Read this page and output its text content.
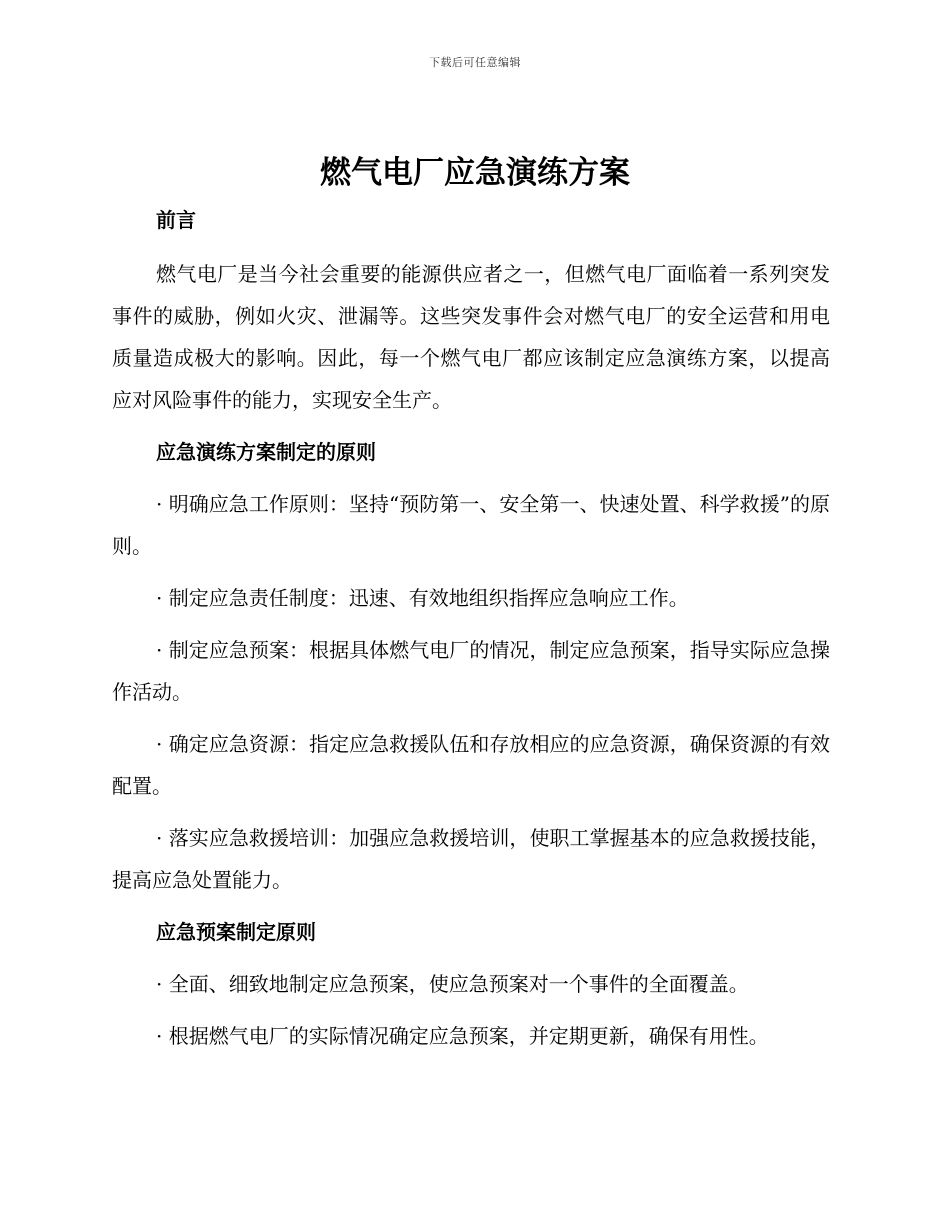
下载后可任意编辑
燃气电厂应急演练方案
前言

燃气电厂是当今社会重要的能源供应者之一，但燃气电厂面临着一系列突发事件的威胁，例如火灾、泄漏等。这些突发事件会对燃气电厂的安全运营和用电质量造成极大的影响。因此，每一个燃气电厂都应该制定应急演练方案，以提高应对风险事件的能力，实现安全生产。

应急演练方案制定的原则

· 明确应急工作原则：坚持“预防第一、安全第一、快速处置、科学救援”的原则。

· 制定应急责任制度：迅速、有效地组织指挥应急响应工作。

· 制定应急预案：根据具体燃气电厂的情况，制定应急预案，指导实际应急操作活动。

· 确定应急资源：指定应急救援队伍和存放相应的应急资源，确保资源的有效配置。

· 落实应急救援培训：加强应急救援培训，使职工掌握基本的应急救援技能，提高应急处置能力。

应急预案制定原则

· 全面、细致地制定应急预案，使应急预案对一个事件的全面覆盖。

· 根据燃气电厂的实际情况确定应急预案，并定期更新，确保有用性。
